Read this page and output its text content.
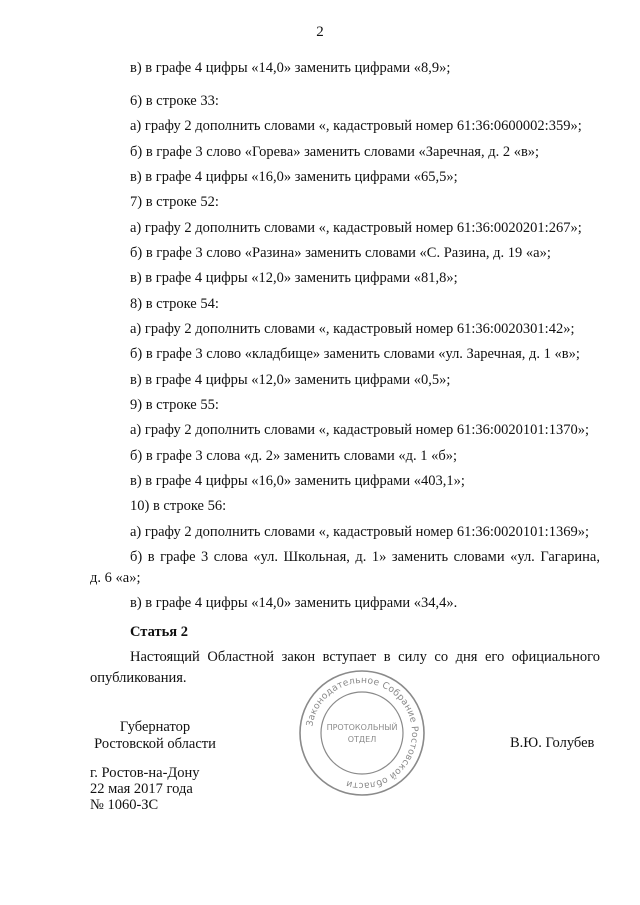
2
в) в графе 4 цифры «14,0» заменить цифрами «8,9»;
6) в строке 33:
а) графу 2 дополнить словами «, кадастровый номер 61:36:0600002:359»;
б) в графе 3 слово «Горева» заменить словами «Заречная, д. 2 «в»;
в) в графе 4 цифры «16,0» заменить цифрами «65,5»;
7) в строке 52:
а) графу 2 дополнить словами «, кадастровый номер 61:36:0020201:267»;
б) в графе 3 слово «Разина» заменить словами «С. Разина, д. 19 «а»;
в) в графе 4 цифры «12,0» заменить цифрами «81,8»;
8) в строке 54:
а) графу 2 дополнить словами «, кадастровый номер 61:36:0020301:42»;
б) в графе 3 слово «кладбище» заменить словами «ул. Заречная, д. 1 «в»;
в) в графе 4 цифры «12,0» заменить цифрами «0,5»;
9) в строке 55:
а) графу 2 дополнить словами «, кадастровый номер 61:36:0020101:1370»;
б) в графе 3 слова «д. 2» заменить словами «д. 1 «б»;
в) в графе 4 цифры «16,0» заменить цифрами «403,1»;
10) в строке 56:
а) графу 2 дополнить словами «, кадастровый номер 61:36:0020101:1369»;
б) в графе 3 слова «ул. Школьная, д. 1» заменить словами «ул. Гагарина,
д. 6 «а»;
в) в графе 4 цифры «14,0» заменить цифрами «34,4».
Статья 2
Настоящий Областной закон вступает в силу со дня его официального
опубликования.
Губернатор
Ростовской области
Законодательное Собрание Ростовской области
ПРОТОКОЛЬНЫЙ
ОТДЕЛ	В.Ю. Голубев
г. Ростов-на-Дону
22 мая 2017 года
№ 1060-ЗС
